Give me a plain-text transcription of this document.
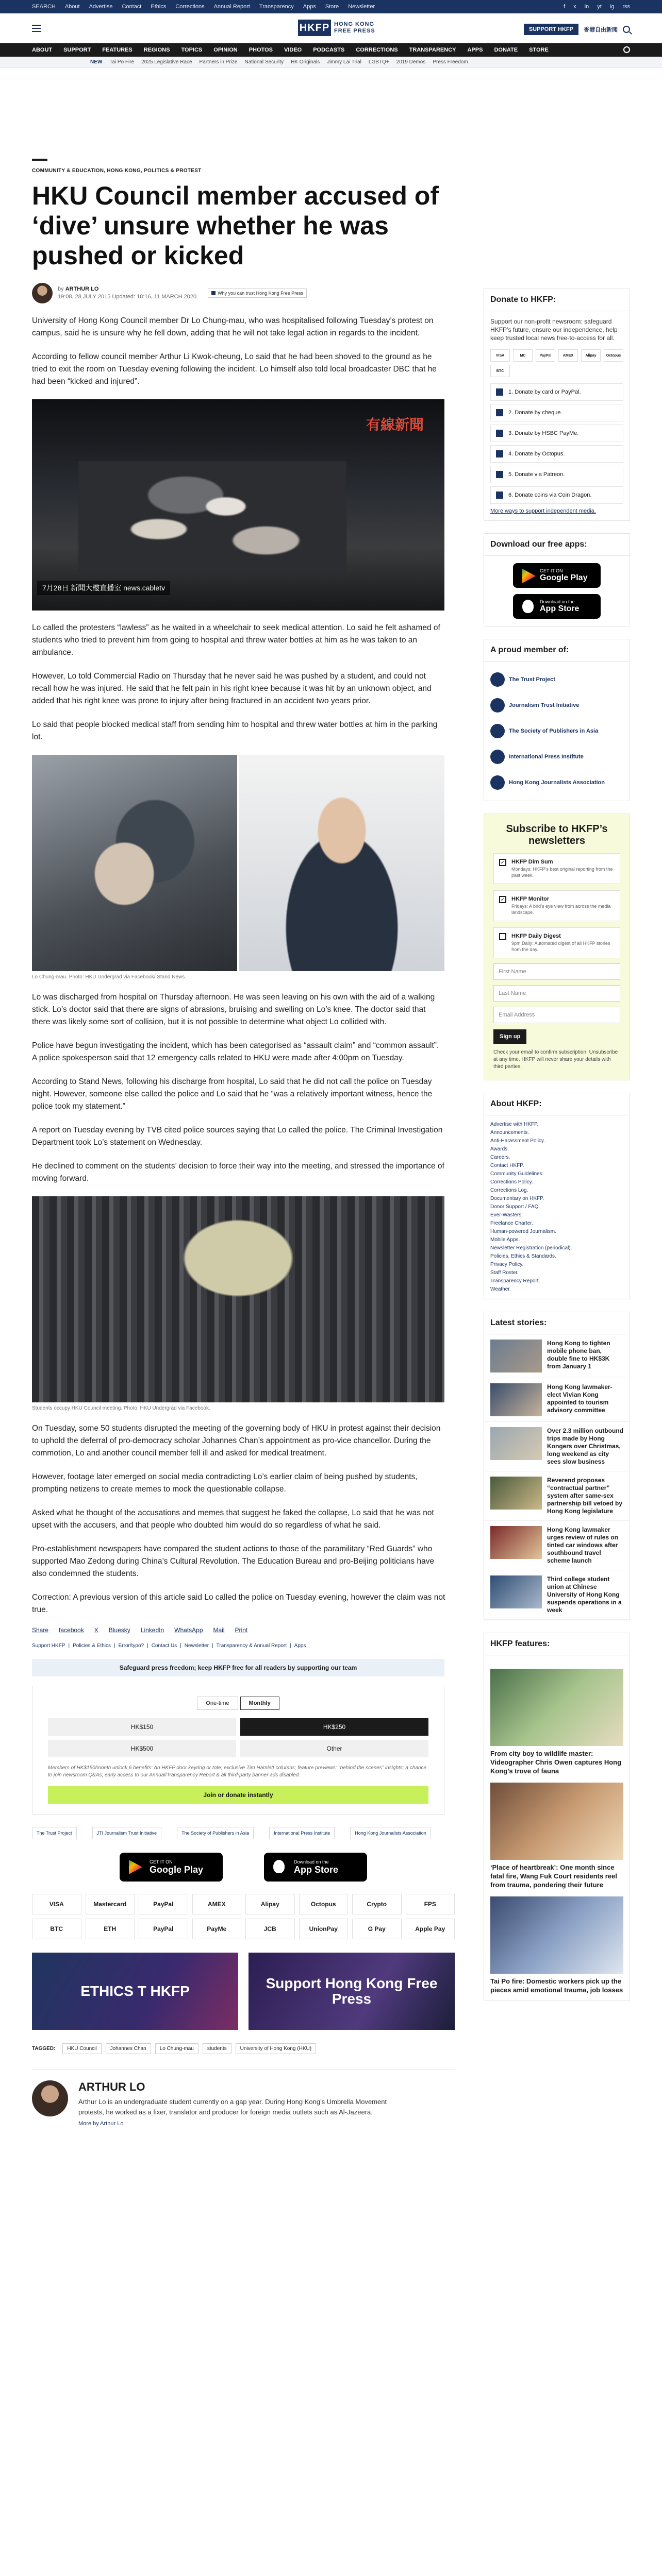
SEARCH About Advertise Contact Ethics Corrections Annual Report Transparency Apps Store Newsletter	f x in yt ig rss
HKFP HONG KONG
FREE PRESS	SUPPORT HKFP	香港自由新聞
ABOUT SUPPORT FEATURES REGIONS TOPICS OPINION PHOTOS VIDEO PODCASTS CORRECTIONS TRANSPARENCY APPS DONATE STORE
NEW Tai Po Fire 2025 Legislative Race Partners in Prize National Security HK Originals Jimmy Lai Trial LGBTQ+ 2019 Demos Press Freedom
COMMUNITY & EDUCATION, HONG KONG, POLITICS & PROTEST
HKU Council member accused of ‘dive’ unsure whether he was pushed or kicked
by ARTHUR LO
19:08, 28 JULY 2015 Updated: 18:16, 11 MARCH 2020
Why you can trust Hong Kong Free Press

University of Hong Kong Council member Dr Lo Chung-mau, who was hospitalised following Tuesday’s protest on campus, said he is unsure why he fell down, adding that he will not take legal action in regards to the incident.

According to fellow council member Arthur Li Kwok-cheung, Lo said that he had been shoved to the ground as he tried to exit the room on Tuesday evening following the incident. Lo himself also told local broadcaster DBC that he had been “kicked and injured”.

有線新聞
7月28日 新聞大樓直播室 news.cabletv

Lo called the protesters “lawless” as he waited in a wheelchair to seek medical attention. Lo said he felt ashamed of students who tried to prevent him from going to hospital and threw water bottles at him as he was taken to an ambulance.

However, Lo told Commercial Radio on Thursday that he never said he was pushed by a student, and could not recall how he was injured. He said that he felt pain in his right knee because it was hit by an unknown object, and added that his right knee was prone to injury after being fractured in an accident two years prior.

Lo said that people blocked medical staff from sending him to hospital and threw water bottles at him in the parking lot.

Lo Chung-mau. Photo: HKU Undergrad via Facebook/ Stand News.

Lo was discharged from hospital on Thursday afternoon. He was seen leaving on his own with the aid of a walking stick. Lo’s doctor said that there are signs of abrasions, bruising and swelling on Lo’s knee. The doctor said that there was likely some sort of collision, but it is not possible to determine what object Lo collided with.

Police have begun investigating the incident, which has been categorised as “assault claim” and “common assault”. A police spokesperson said that 12 emergency calls related to HKU were made after 4:00pm on Tuesday.

According to Stand News, following his discharge from hospital, Lo said that he did not call the police on Tuesday night. However, someone else called the police and Lo said that he “was a relatively important witness, hence the police took my statement.”

A report on Tuesday evening by TVB cited police sources saying that Lo called the police. The Criminal Investigation Department took Lo’s statement on Wednesday.

He declined to comment on the students’ decision to force their way into the meeting, and stressed the importance of moving forward.

Students occupy HKU Council meeting. Photo: HKU Undergrad via Facebook.

On Tuesday, some 50 students disrupted the meeting of the governing body of HKU in protest against their decision to uphold the deferral of pro-democracy scholar Johannes Chan’s appointment as pro-vice chancellor. During the commotion, Lo and another council member fell ill and asked for medical treatment.

However, footage later emerged on social media contradicting Lo’s earlier claim of being pushed by students, prompting netizens to create memes to mock the questionable collapse.

Asked what he thought of the accusations and memes that suggest he faked the collapse, Lo said that he was not upset with the accusers, and that people who doubted him would do so regardless of what he said.

Pro-establishment newspapers have compared the student actions to those of the paramilitary “Red Guards” who supported Mao Zedong during China’s Cultural Revolution. The Education Bureau and pro-Beijing politicians have also condemned the students.

Correction: A previous version of this article said Lo called the police on Tuesday evening, however the claim was not true.
Share facebook X Bluesky LinkedIn WhatsApp Mail Print
Support HKFP | Policies & Ethics | Error/typo? | Contact Us | Newsletter | Transparency & Annual Report | Apps
Safeguard press freedom; keep HKFP free for all readers by supporting our team
One-time	Monthly
HK$150	HK$250
HK$500	Other
Members of HK$150/month unlock 6 benefits: An HKFP door keyring or tote; exclusive Tim Hamlett columns; feature previews; “behind the scenes” insights; a chance to join newsroom Q&As; early access to our Annual/Transparency Report & all third-party banner ads disabled.
Join or donate instantly
The Trust Project	JTI Journalism Trust Initiative	The Society of Publishers in Asia	International Press Institute	Hong Kong Journalists Association
GET IT ON
Google Play
Download on the
App Store
VISA	Mastercard	PayPal	AMEX	Alipay	Octopus	Crypto	FPS
BTC	ETH	PayPal	PayMe	JCB	UnionPay	G Pay	Apple Pay
ETHICS T HKFP	Support Hong Kong Free Press
TAGGED:	HKU Council	Johannes Chan	Lo Chung-mau	students	University of Hong Kong (HKU)
ARTHUR LO

Arthur Lo is an undergraduate student currently on a gap year. During Hong Kong’s Umbrella Movement protests, he worked as a fixer, translator and producer for foreign media outlets such as Al-Jazeera.

More by Arthur Lo
Donate to HKFP:

Support our non-profit newsroom: safeguard HKFP’s future, ensure our independence, help keep trusted local news free-to-access for all.

VISA	MC	PayPal	AMEX	Alipay	Octopus
BTC
1. Donate by card or PayPal.
2. Donate by cheque.
3. Donate by HSBC PayMe.
4. Donate by Octopus.
5. Donate via Patreon.
6. Donate coins via Coin Dragon.
More ways to support independent media.
Download our free apps:
GET IT ON
Google Play
Download on the
App Store
A proud member of:
The Trust Project
Journalism Trust Initiative
The Society of Publishers in Asia
International Press Institute
Hong Kong Journalists Association
Subscribe to HKFP’s newsletters
✓ HKFP Dim Sum
Mondays: HKFP’s best original reporting from the past week.
✓ HKFP Monitor
Fridays: A bird’s eye view from across the media landscape.
HKFP Daily Digest
9pm Daily: Automated digest of all HKFP stories from the day.
First Name
Last Name
Email Address
Sign up
Check your email to confirm subscription. Unsubscribe at any time. HKFP will never share your details with third parties.
About HKFP:
Advertise with HKFP.
Announcements.
Anti-Harassment Policy.
Awards.
Careers.
Contact HKFP.
Community Guidelines.
Corrections Policy.
Corrections Log.
Documentary on HKFP.
Donor Support / FAQ.
Ever-Wasters.
Freelance Charter.
Human-powered Journalism.
Mobile Apps.
Newsletter Registration (periodical).
Policies, Ethics & Standards.
Privacy Policy.
Staff Roster.
Transparency Report.
Weather.
Latest stories:
Hong Kong to tighten mobile phone ban, double fine to HK$3K from January 1
Hong Kong lawmaker-elect Vivian Kong appointed to tourism advisory committee
Over 2.3 million outbound trips made by Hong Kongers over Christmas, long weekend as city sees slow business
Reverend proposes “contractual partner” system after same-sex partnership bill vetoed by Hong Kong legislature
Hong Kong lawmaker urges review of rules on tinted car windows after southbound travel scheme launch
Third college student union at Chinese University of Hong Kong suspends operations in a week
HKFP features:
From city boy to wildlife master: Videographer Chris Owen captures Hong Kong’s trove of fauna
‘Place of heartbreak’: One month since fatal fire, Wang Fuk Court residents reel from trauma, pondering their future
Tai Po fire: Domestic workers pick up the pieces amid emotional trauma, job losses
